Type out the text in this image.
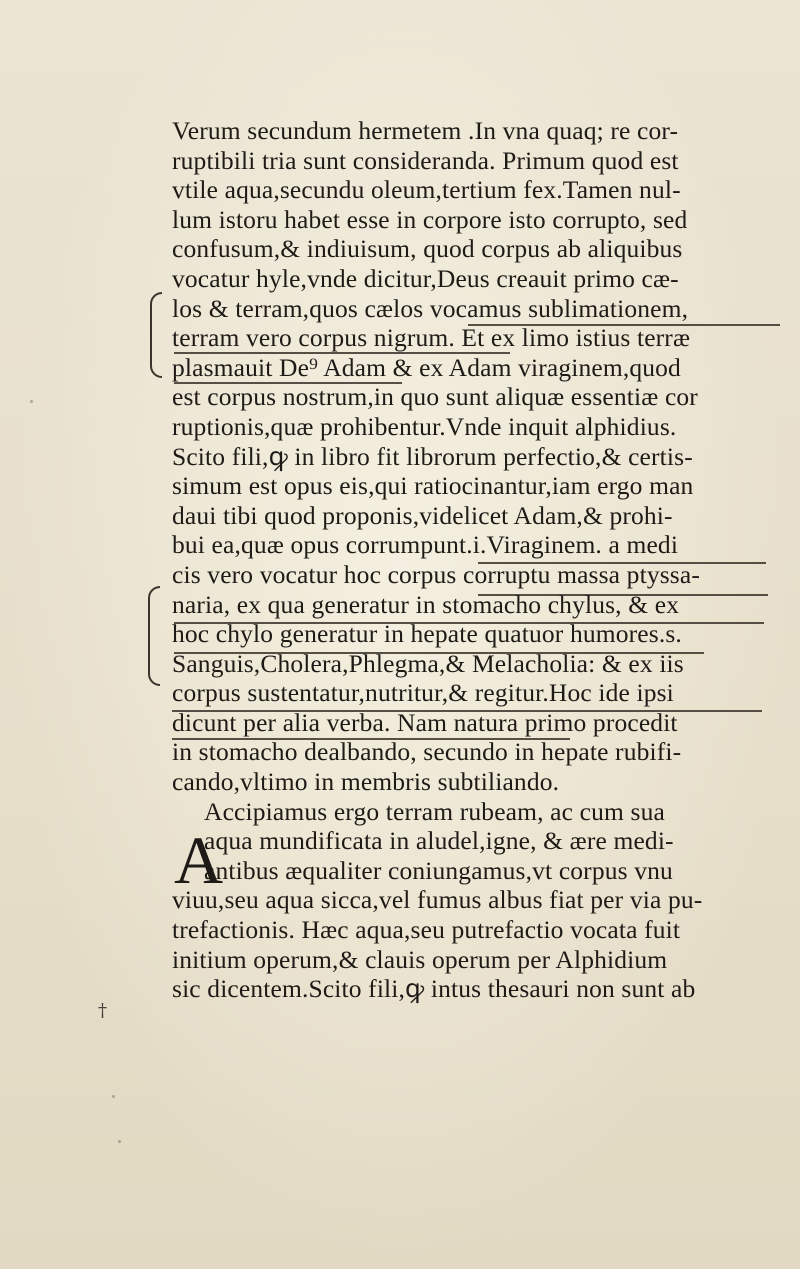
†
Verum secundum hermetem .In vna quaq; re cor-
ruptibili tria sunt consideranda. Primum quod est
vtile aqua,secundu oleum,tertium fex.Tamen nul-
lum istoru habet esse in corpore isto corrupto, sed
confusum,& indiuisum, quod corpus ab aliquibus
vocatur hyle,vnde dicitur,Deus creauit primo cæ-
los & terram,quos cælos vocamus sublimationem,
terram vero corpus nigrum. Et ex limo istius terræ
plasmauit De⁹ Adam & ex Adam viraginem,quod
est corpus nostrum,in quo sunt aliquæ essentiæ cor
ruptionis,quæ prohibentur.Vnde inquit alphidius.
Scito fili,ꝙ in libro fit librorum perfectio,& certis-
simum est opus eis,qui ratiocinantur,iam ergo man
daui tibi quod proponis,videlicet Adam,& prohi-
bui ea,quæ opus corrumpunt.i.Viraginem. a medi
cis vero vocatur hoc corpus corruptu massa ptyssa-
naria, ex qua generatur in stomacho chylus, & ex
hoc chylo generatur in hepate quatuor humores.s.
Sanguis,Cholera,Phlegma,& Melacholia: & ex iis
corpus sustentatur,nutritur,& regitur.Hoc ide ipsi
dicunt per alia verba. Nam natura primo procedit
in stomacho dealbando, secundo in hepate rubifi-
cando,vltimo in membris subtiliando.
Accipiamus ergo terram rubeam, ac cum sua
aqua mundificata in aludel,igne, & ære medi-
antibus æqualiter coniungamus,vt corpus vnu
viuu,seu aqua sicca,vel fumus albus fiat per via pu-
trefactionis. Hæc aqua,seu putrefactio vocata fuit
initium operum,& clauis operum per Alphidium
sic dicentem.Scito fili,ꝙ intus thesauri non sunt ab
A
